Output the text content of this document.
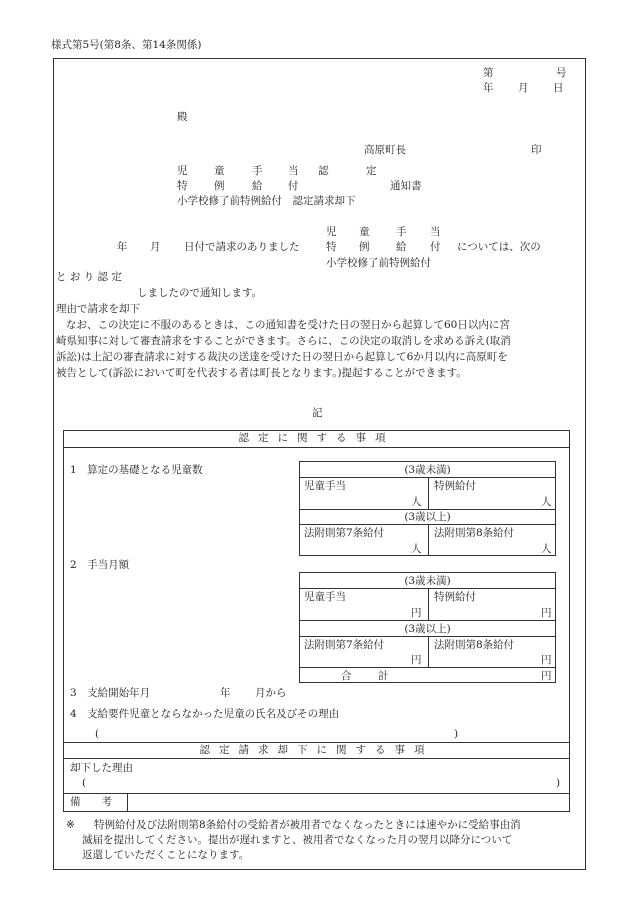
様式第5号(第8条、第14条関係)
第	号
年 月 日
殿
高原町長	印
児	童	手 当 認	定
特	例	給 付	通知書
小学校修了前特例給付　認定請求却下
児 童	手 当
年 月 日付で請求のありました	特 例	給 付 については、次の
小学校修了前特例給付
と お り 認 定
しましたので通知します。
理由で請求を却下
なお、この決定に不服のあるときは、この通知書を受けた日の翌日から起算して60日以内に宮
崎県知事に対して審査請求をすることができます。さらに、この決定の取消しを求める訴え(取消
訴訟)は上記の審査請求に対する裁決の送達を受けた日の翌日から起算して6か月以内に高原町を
被告として(訴訟において町を代表する者は町長となります。)提起することができます。
記
認定に関する事項
1　算定の基礎となる児童数	(3歳未満)
児童手当	特例給付
人	人
(3歳以上)
法附則第7条給付	法附則第8条給付
人	人
2　手当月額
(3歳未満)
児童手当	特例給付
円	円
(3歳以上)
法附則第7条給付	法附則第8条給付
円	円
合	計	円
3　支給開始年月	年 月から
4　支給要件児童とならなかった児童の氏名及びその理由
(	)
認定請求却下に関する事項
却下した理由
(	)
備　　考
※ 特例給付及び法附則第8条給付の受給者が被用者でなくなったときには速やかに受給事由消
滅届を提出してください。提出が遅れますと、被用者でなくなった月の翌月以降分について
返還していただくことになります。
